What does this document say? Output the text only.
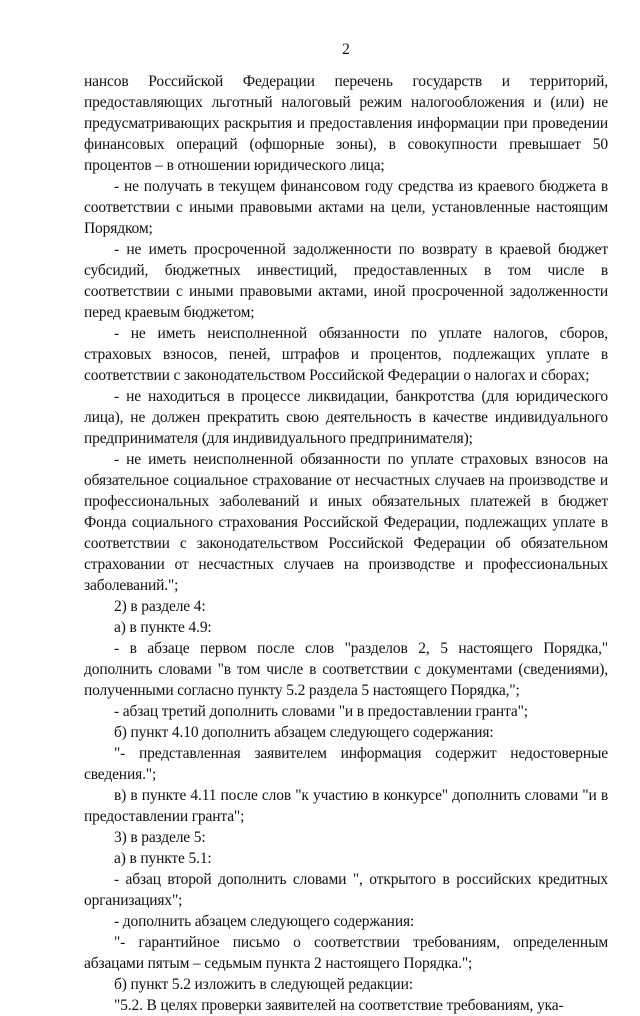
2

нансов Российской Федерации перечень государств и территорий, предоставляющих льготный налоговый режим налогообложения и (или) не предусматривающих раскрытия и предоставления информации при проведении финансовых операций (офшорные зоны), в совокупности превышает 50 процентов – в отношении юридического лица;

- не получать в текущем финансовом году средства из краевого бюджета в соответствии с иными правовыми актами на цели, установленные настоящим Порядком;

- не иметь просроченной задолженности по возврату в краевой бюджет субсидий, бюджетных инвестиций, предоставленных в том числе в соответствии с иными правовыми актами, иной просроченной задолженности перед краевым бюджетом;

- не иметь неисполненной обязанности по уплате налогов, сборов, страховых взносов, пеней, штрафов и процентов, подлежащих уплате в соответствии с законодательством Российской Федерации о налогах и сборах;

- не находиться в процессе ликвидации, банкротства (для юридического лица), не должен прекратить свою деятельность в качестве индивидуального предпринимателя (для индивидуального предпринимателя);

- не иметь неисполненной обязанности по уплате страховых взносов на обязательное социальное страхование от несчастных случаев на производстве и профессиональных заболеваний и иных обязательных платежей в бюджет Фонда социального страхования Российской Федерации, подлежащих уплате в соответствии с законодательством Российской Федерации об обязательном страховании от несчастных случаев на производстве и профессиональных заболеваний.";

2) в разделе 4:

а) в пункте 4.9:

- в абзаце первом после слов "разделов 2, 5 настоящего Порядка," дополнить словами "в том числе в соответствии с документами (сведениями), полученными согласно пункту 5.2 раздела 5 настоящего Порядка,";

- абзац третий дополнить словами "и в предоставлении гранта";

б) пункт 4.10 дополнить абзацем следующего содержания:

"- представленная заявителем информация содержит недостоверные сведения.";

в) в пункте 4.11 после слов "к участию в конкурсе" дополнить словами "и в предоставлении гранта";

3) в разделе 5:

а) в пункте 5.1:

- абзац второй дополнить словами ", открытого в российских кредитных организациях";

- дополнить абзацем следующего содержания:

"- гарантийное письмо о соответствии требованиям, определенным абзацами пятым – седьмым пункта 2 настоящего Порядка.";

б) пункт 5.2 изложить в следующей редакции:

"5.2. В целях проверки заявителей на соответствие требованиям, ука-
